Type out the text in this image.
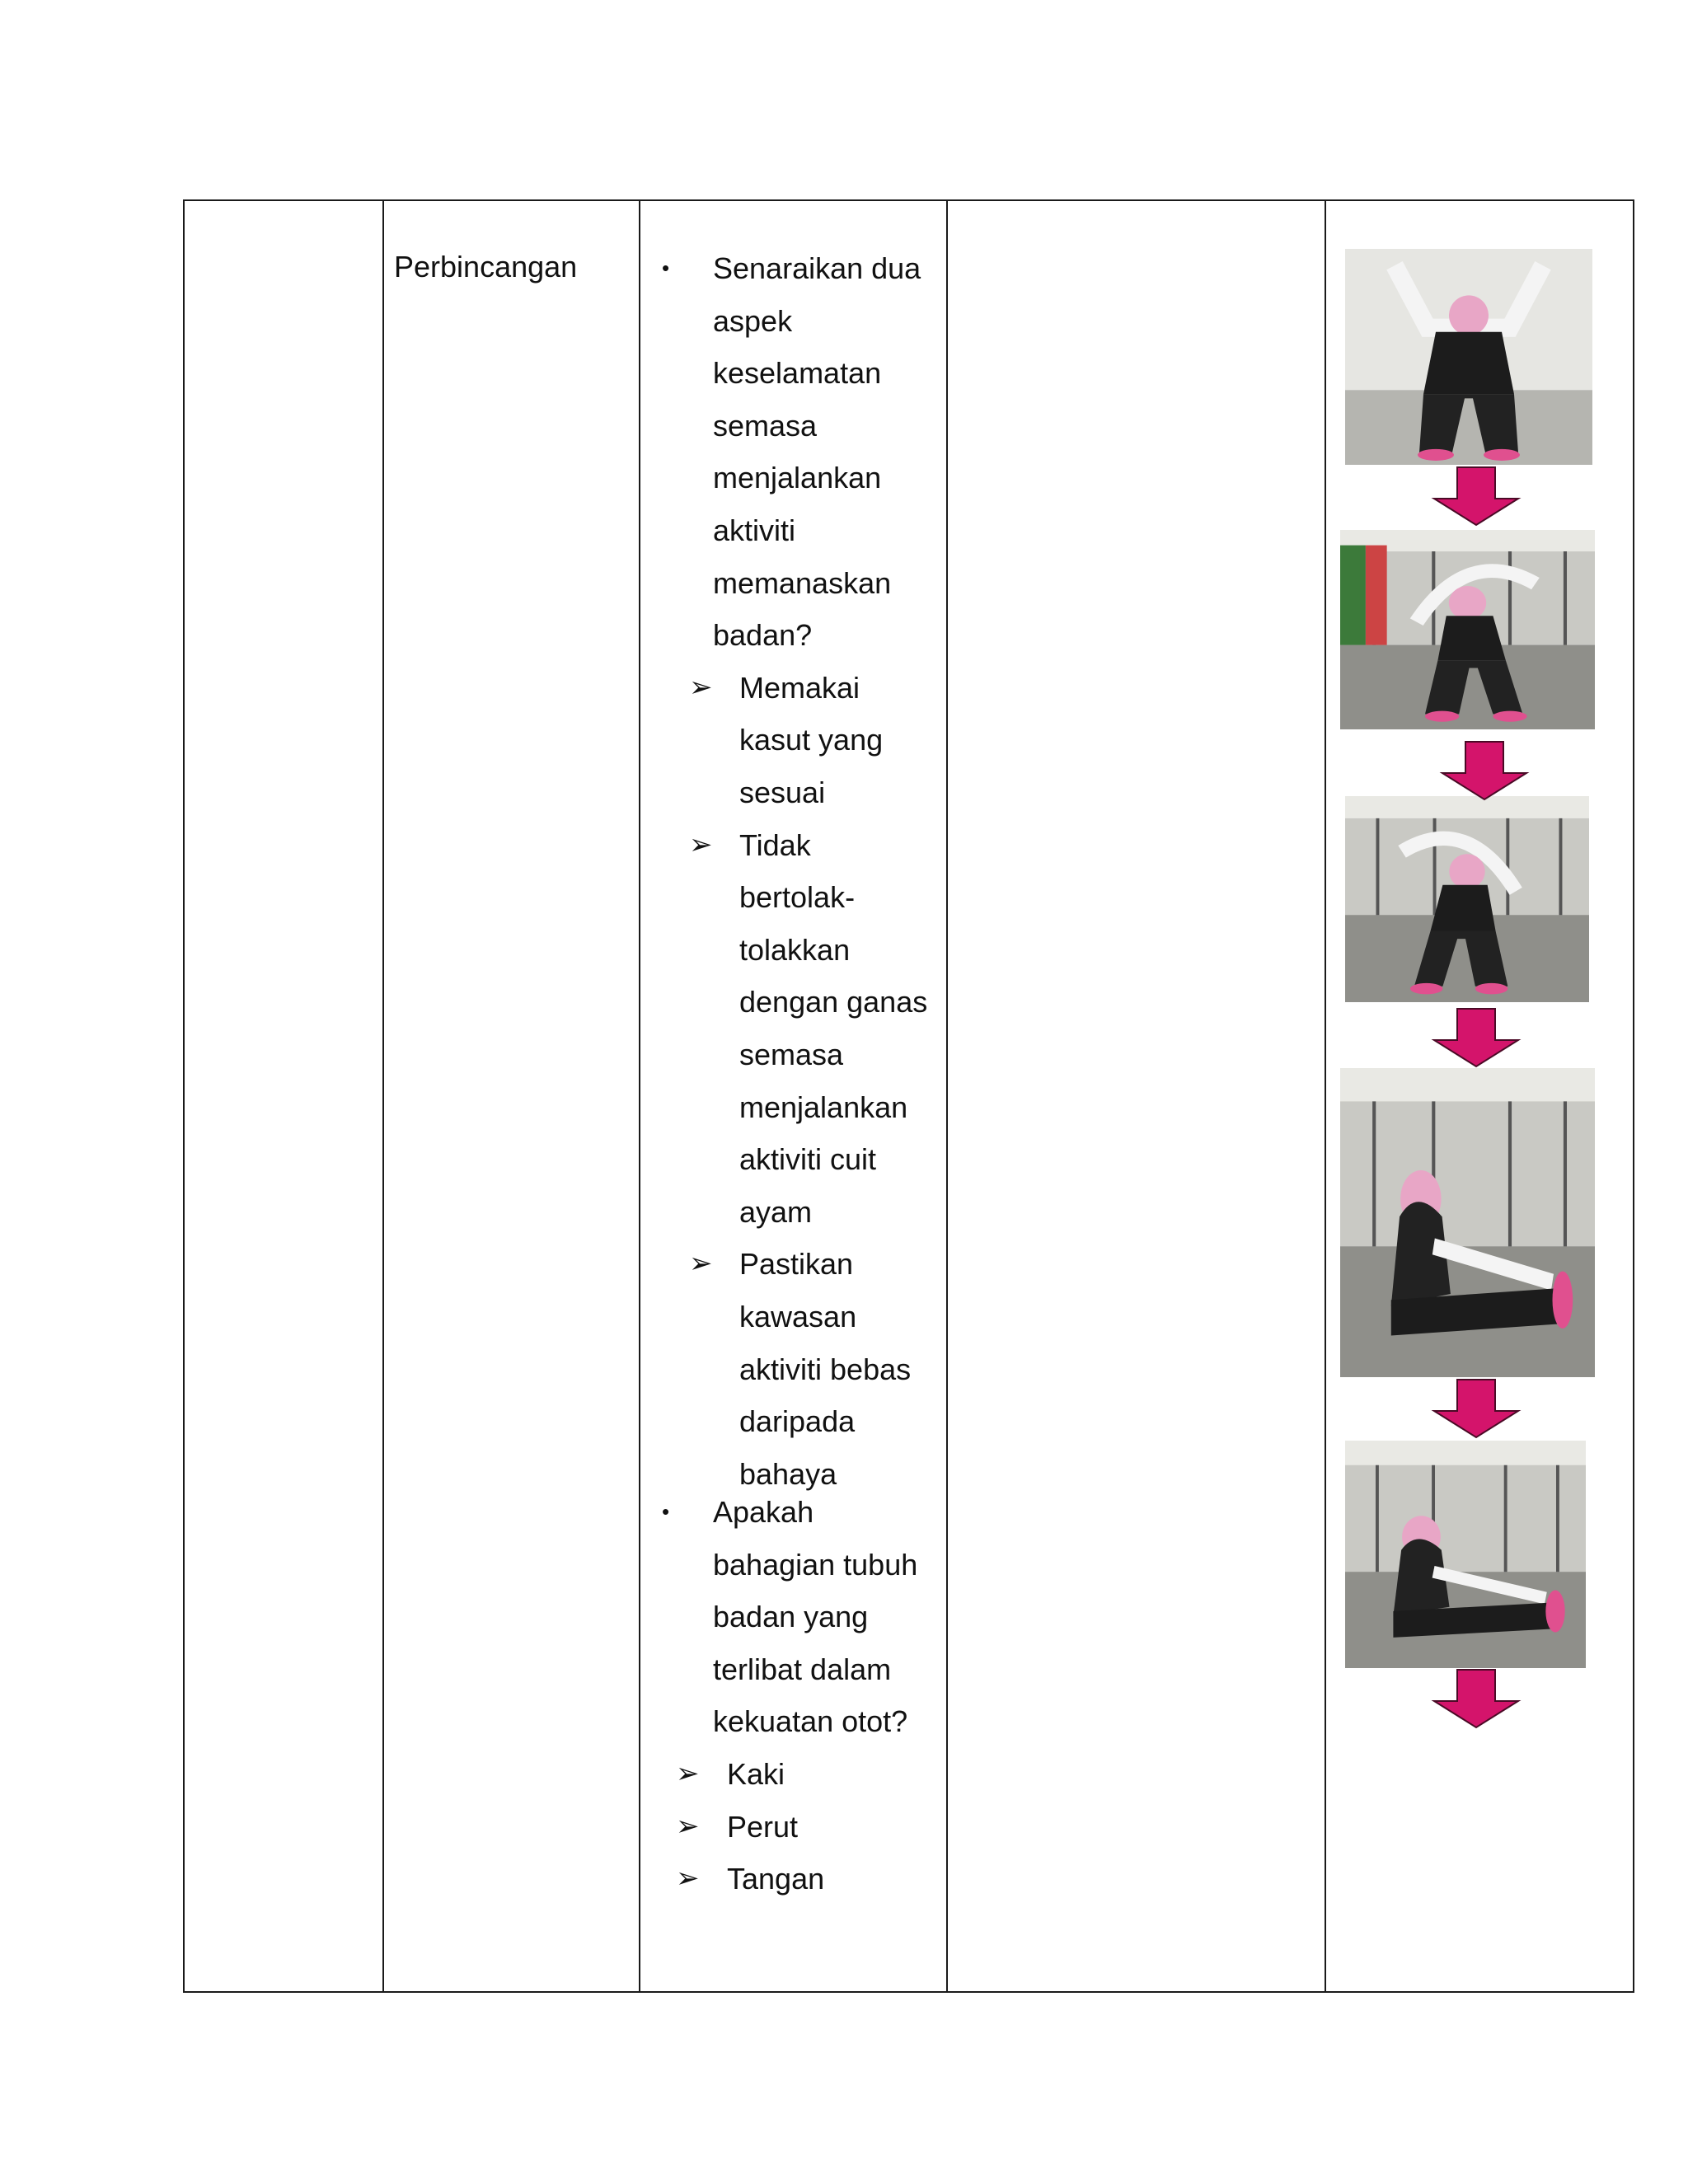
Perbincangan	• Senaraikan dua
aspek
keselamatan
semasa
menjalankan
aktiviti
memanaskan
badan?
➢ Memakai
kasut yang
sesuai
➢ Tidak
bertolak-
tolakkan
dengan ganas
semasa
menjalankan
aktiviti cuit
ayam
➢ Pastikan
kawasan
aktiviti bebas
daripada
bahaya
• Apakah
bahagian tubuh
badan yang
terlibat dalam
kekuatan otot?
➢ Kaki
➢ Perut
➢ Tangan
